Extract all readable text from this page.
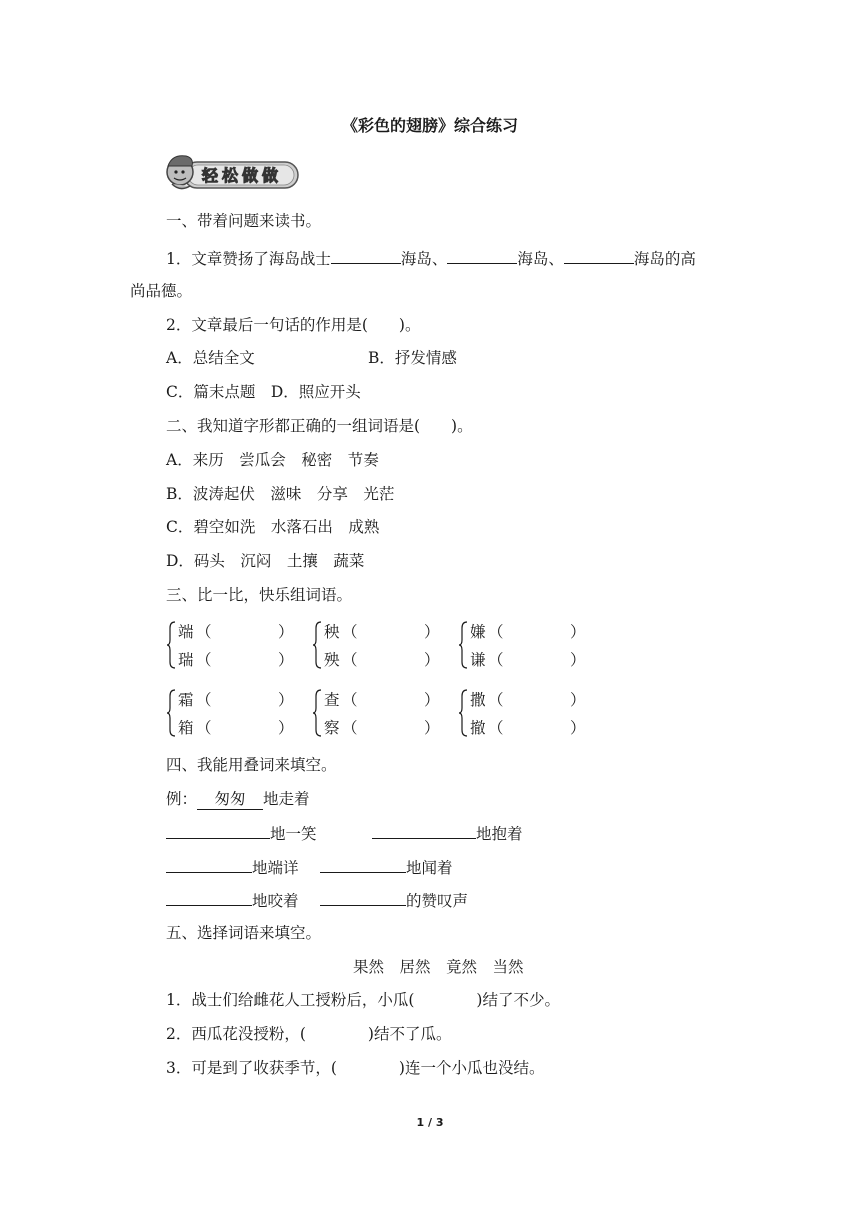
《彩色的翅膀》综合练习
轻松做做
一、带着问题来读书。
1．文章赞扬了海岛战士	海岛、	海岛、	海岛的高
尚品德。
2．文章最后一句话的作用是(　　)。
A．总结全文	B．抒发情感
C．篇末点题　D．照应开头
二、我知道字形都正确的一组词语是(　　)。
A．来历　尝瓜会　秘密　节奏
B．波涛起伏　滋味　分享　光茫
C．碧空如洗　水落石出　成熟
D．码头　沉闷　土攘　蔬菜
三、比一比，快乐组词语。
端 （	）
瑞 （	）
秧 （	）
殃 （	）
嫌 （	）
谦 （	）
霜 （	）
箱 （	）
查 （	）
察 （	）
撒 （	）
撤 （	）
四、我能用叠词来填空。
例： 匆匆 地走着
地一笑	地抱着
地端详	地闻着
地咬着	的赞叹声
五、选择词语来填空。
果然　居然　竟然　当然
1．战士们给雌花人工授粉后，小瓜(　　　　)结了不少。
2．西瓜花没授粉，(　　　　)结不了瓜。
3．可是到了收获季节，(　　　　)连一个小瓜也没结。
1 / 3
